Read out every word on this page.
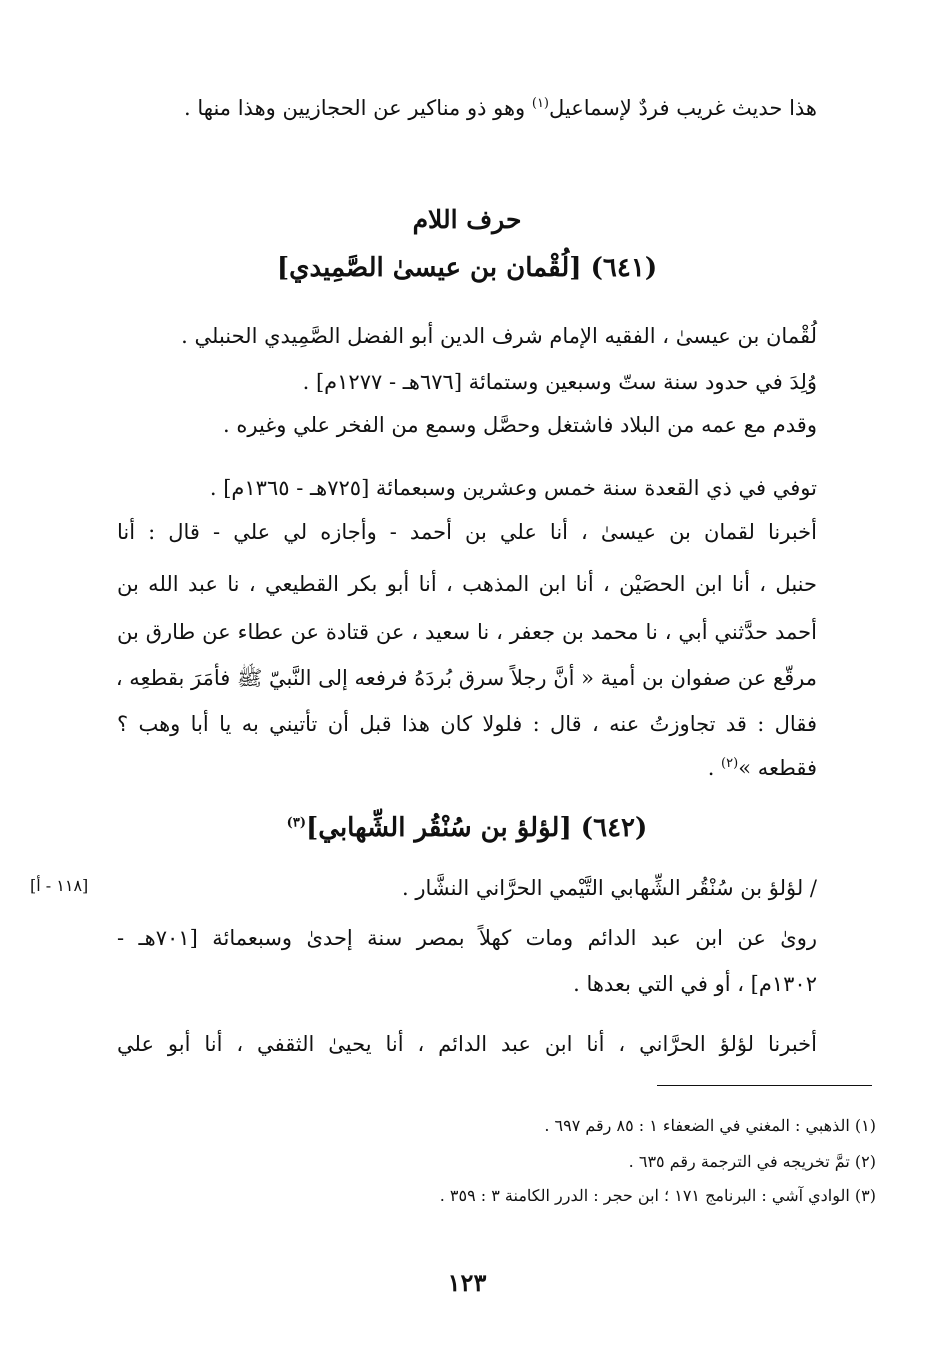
هذا حديث غريب فردٌ لإسماعيل$^{(١)}$ وهو ذو مناكير عن الحجازيين وهذا منها .
حرف اللام
(٦٤١) [لُقْمان بن عيسىٰ الصَّمِيدي]
لُقْمان بن عيسىٰ ، الفقيه الإمام شرف الدين أبو الفضل الصَّمِيدي الحنبلي .
وُلِدَ في حدود سنة ستّ وسبعين وستمائة [٦٧٦هـ - ١٢٧٧م] .
وقدم مع عمه من البلاد فاشتغل وحصَّل وسمع من الفخر علي وغيره .
توفي في ذي القعدة سنة خمس وعشرين وسبعمائة [٧٢٥هـ - ١٣٦٥م] .
أخبرنا لقمان بن عيسىٰ ، أنا علي بن أحمد - وأجازه لي علي - قال : أنا
حنبل ، أنا ابن الحصَيْن ، أنا ابن المذهب ، أنا أبو بكر القطيعي ، نا عبد الله بن
أحمد حدَّثني أبي ، نا محمد بن جعفر ، نا سعيد ، عن قتادة عن عطاء عن طارق بن
مرقّع عن صفوان بن أمية « أنَّ رجلاً سرق بُردَهُ فرفعه إلى النَّبيّ ﷺ فأمَرَ بقطعِه ،
فقال : قد تجاوزتُ عنه ، قال : فلولا كان هذا قبل أن تأتيني به يا أبا وهب ؟
فقطعه »$^{(٢)}$ .
(٦٤٢) [لؤلؤ بن سُنْقُر الشِّهابي]$^{(٣)}$
[١١٨ - أ]	/ لؤلؤ بن سُنْقُر الشِّهابي التَّيْمي الحرَّاني النشَّار .
رویٰ عن ابن عبد الدائم ومات كهلاً بمصر سنة إحدىٰ وسبعمائة [٧٠١هـ -
١٣٠٢م] ، أو في التي بعدها .
أخبرنا لؤلؤ الحرَّاني ، أنا ابن عبد الدائم ، أنا يحيىٰ الثقفي ، أنا أبو علي
(١) الذهبي : المغني في الضعفاء ١ : ٨٥ رقم ٦٩٧ .
(٢) تمَّ تخريجه في الترجمة رقم ٦٣٥ .
(٣) الوادي آشي : البرنامج ١٧١ ؛ ابن حجر : الدرر الكامنة ٣ : ٣٥٩ .
١٢٣
